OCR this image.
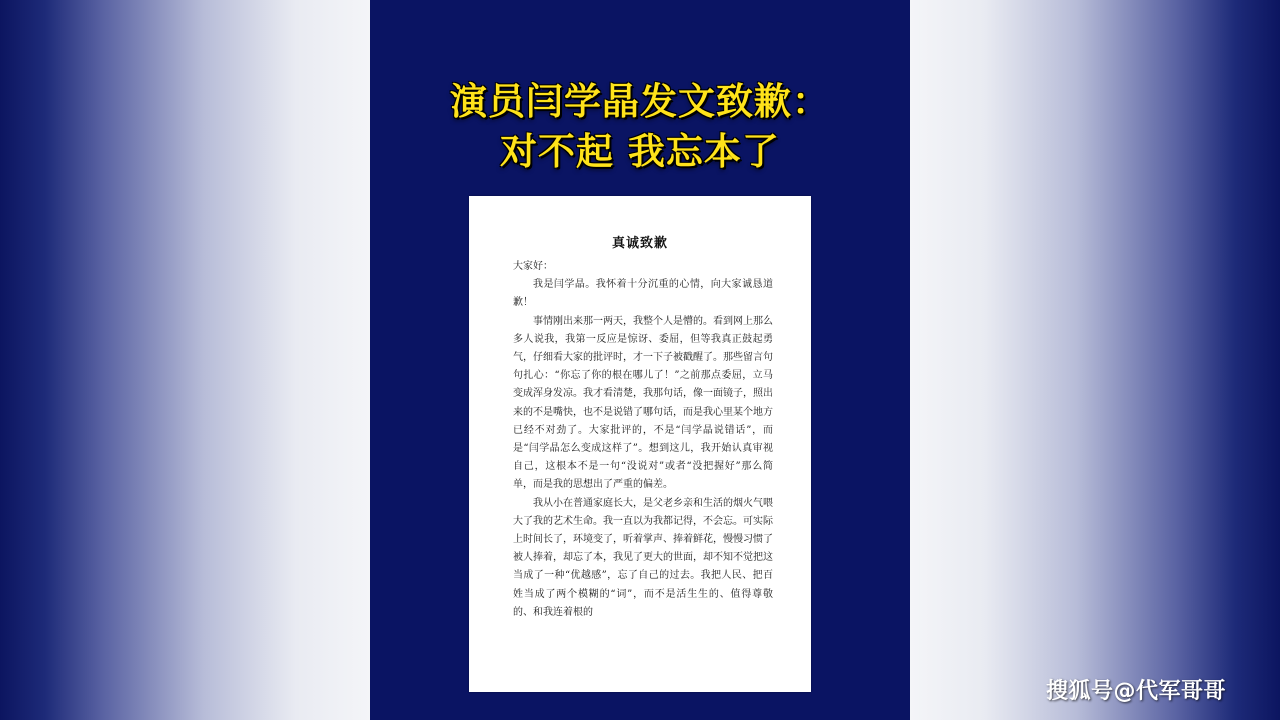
演员闫学晶发文致歉：
对不起 我忘本了
真诚致歉

大家好：

我是闫学晶。我怀着十分沉重的心情，向大家诚恳道歉！

事情刚出来那一两天，我整个人是懵的。看到网上那么多人说我，我第一反应是惊讶、委屈，但等我真正鼓起勇气，仔细看大家的批评时，才一下子被戳醒了。那些留言句句扎心：“你忘了你的根在哪儿了！”之前那点委屈，立马变成浑身发凉。我才看清楚，我那句话，像一面镜子，照出来的不是嘴快，也不是说错了哪句话，而是我心里某个地方已经不对劲了。大家批评的，不是“闫学晶说错话”，而是“闫学晶怎么变成这样了”。想到这儿，我开始认真审视自己，这根本不是一句“没说对”或者“没把握好”那么简单，而是我的思想出了严重的偏差。

我从小在普通家庭长大，是父老乡亲和生活的烟火气喂大了我的艺术生命。我一直以为我都记得，不会忘。可实际上时间长了，环境变了，听着掌声、捧着鲜花，慢慢习惯了被人捧着，却忘了本，我见了更大的世面，却不知不觉把这当成了一种“优越感”，忘了自己的过去。我把人民、把百姓当成了两个模糊的“词”，而不是活生生的、值得尊敬的、和我连着根的

搜狐号@代军哥哥
